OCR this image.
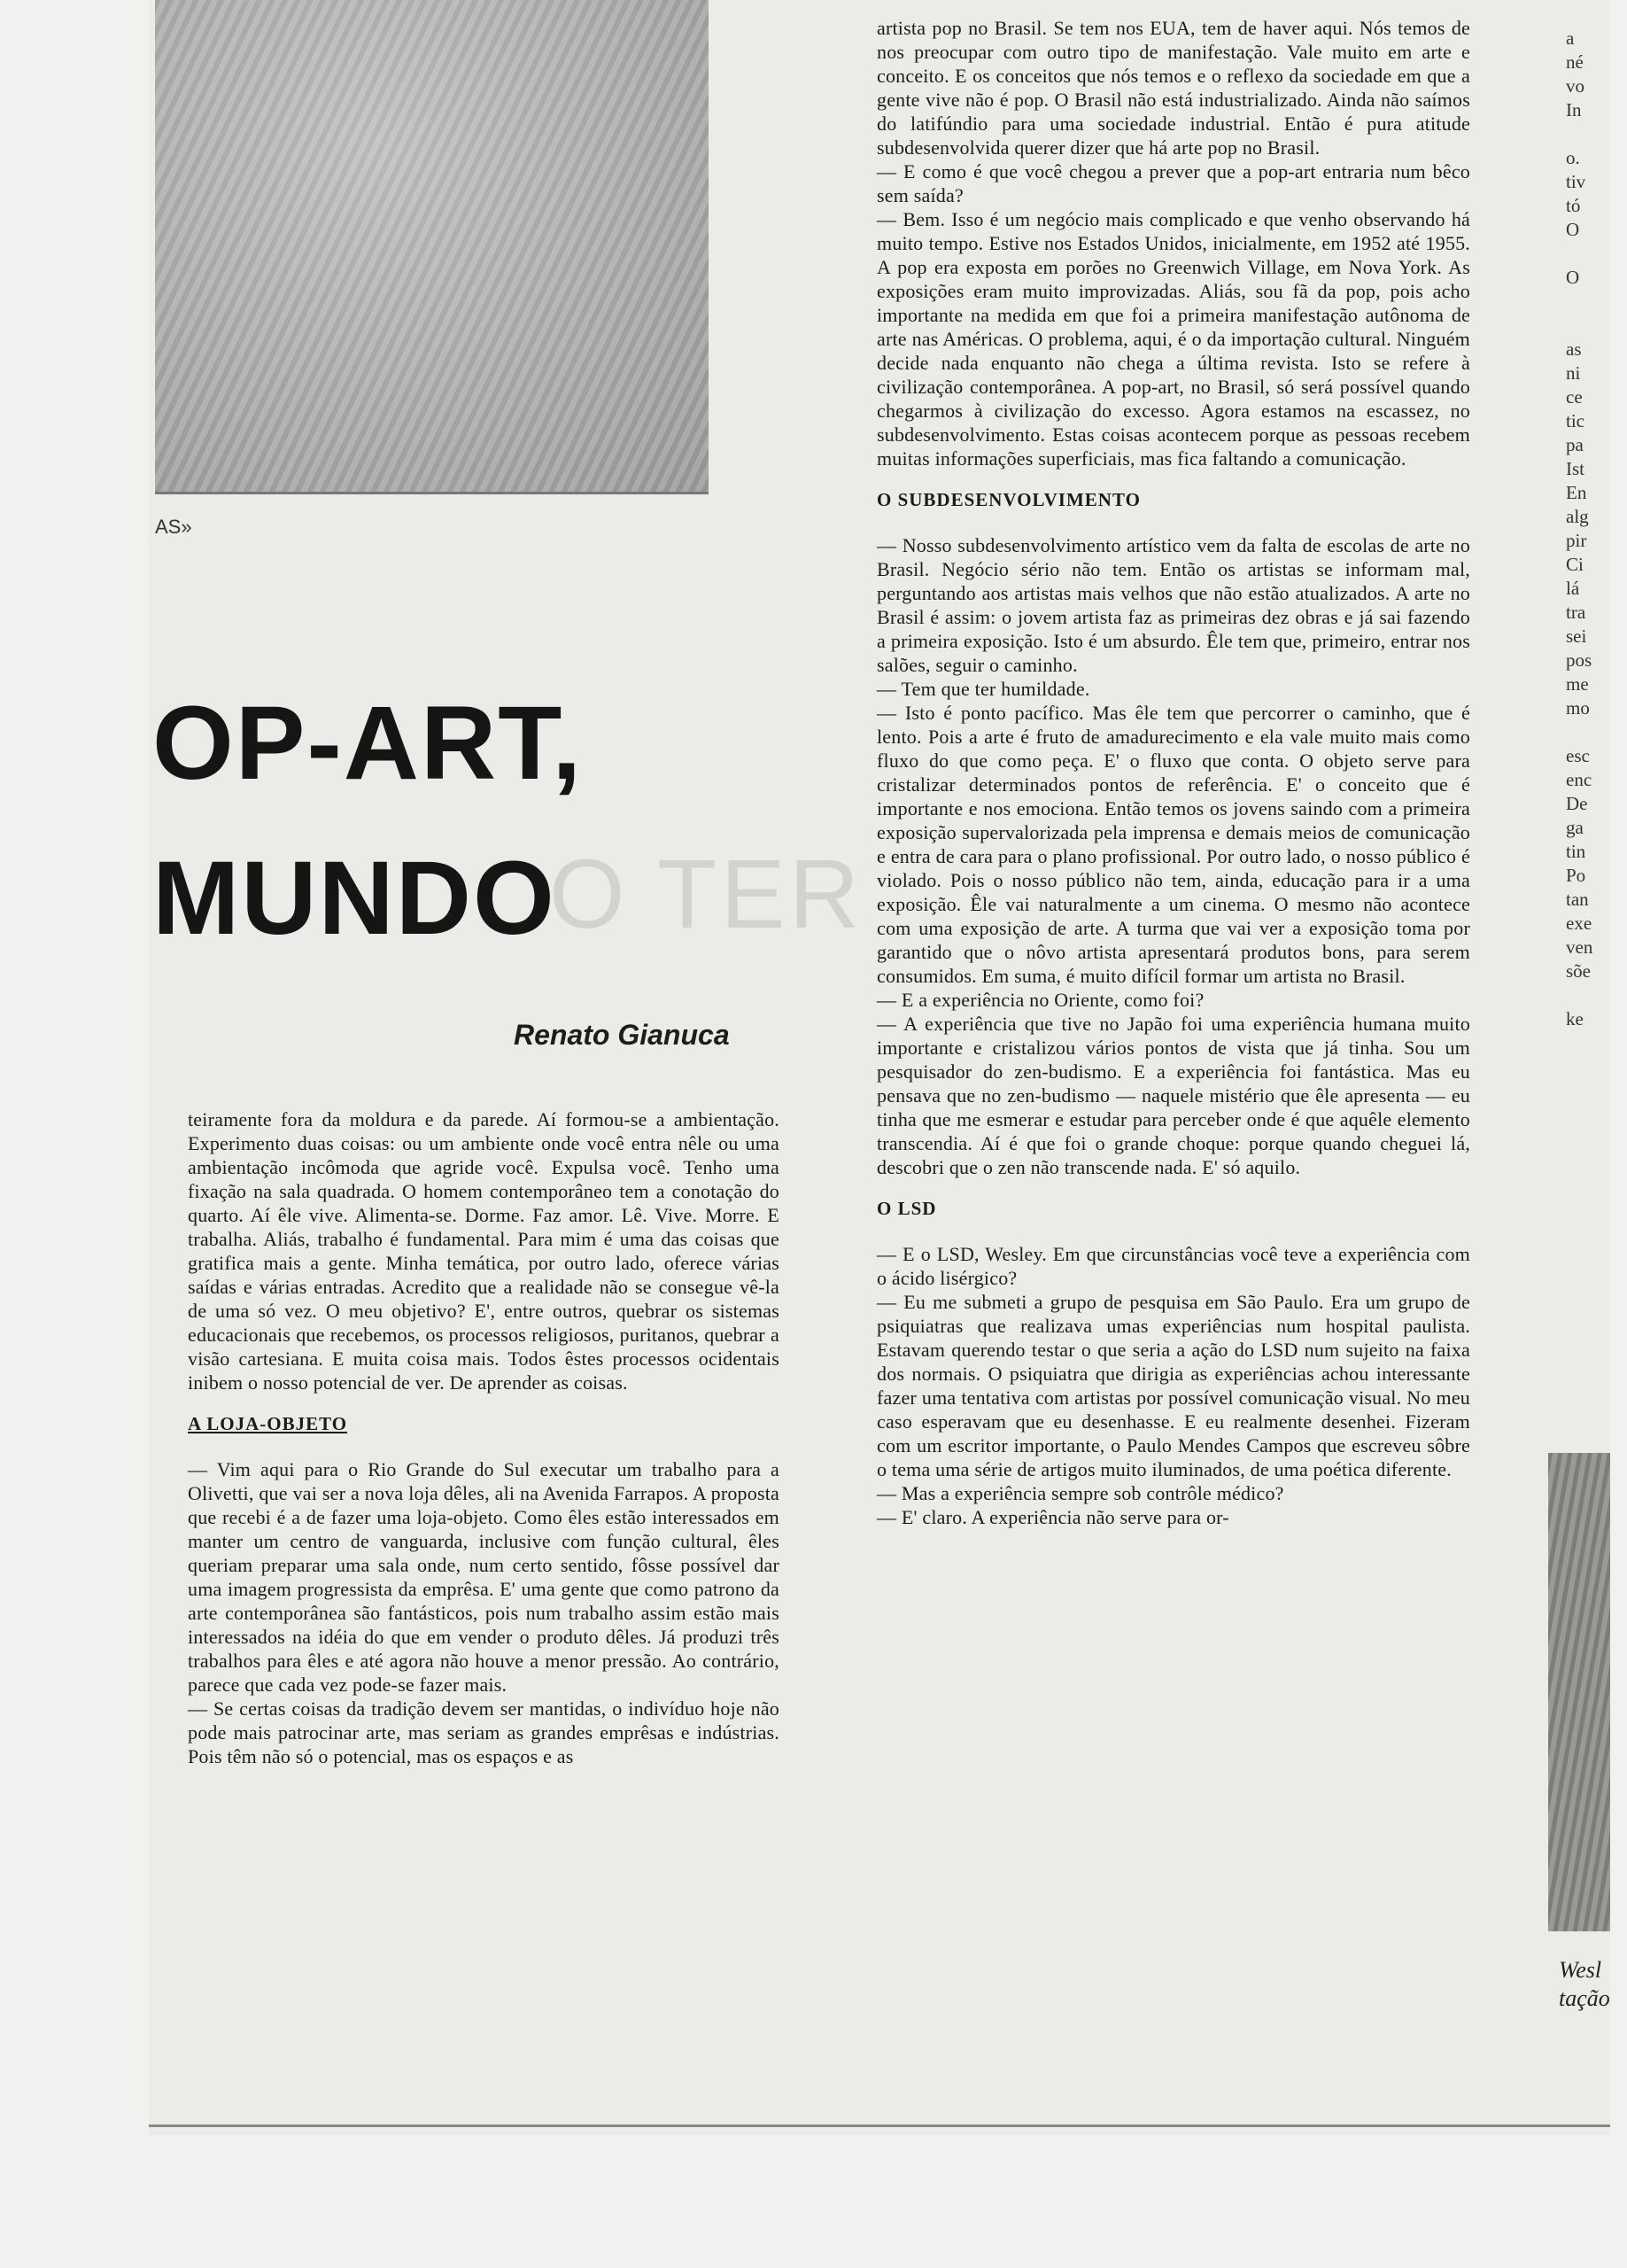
AS»
O TER
OP-ART,
MUNDO
Renato Gianuca

teiramente fora da moldura e da parede. Aí formou-se a ambientação. Experimento duas coisas: ou um ambiente onde você entra nêle ou uma ambientação incômoda que agride você. Expulsa você. Tenho uma fixação na sala quadrada. O homem contemporâneo tem a conotação do quarto. Aí êle vive. Alimenta-se. Dorme. Faz amor. Lê. Vive. Morre. E trabalha. Aliás, trabalho é fundamental. Para mim é uma das coisas que gratifica mais a gente. Minha temática, por outro lado, oferece várias saídas e várias entradas. Acredito que a realidade não se consegue vê-la de uma só vez. O meu objetivo? E', entre outros, quebrar os sistemas educacionais que recebemos, os processos religiosos, puritanos, quebrar a visão cartesiana. E muita coisa mais. Todos êstes processos ocidentais inibem o nosso potencial de ver. De aprender as coisas.

A LOJA-OBJETO

— Vim aqui para o Rio Grande do Sul executar um trabalho para a Olivetti, que vai ser a nova loja dêles, ali na Avenida Farrapos. A proposta que recebi é a de fazer uma loja-objeto. Como êles estão interessados em manter um centro de vanguarda, inclusive com função cultural, êles queriam preparar uma sala onde, num certo sentido, fôsse possível dar uma imagem progressista da emprêsa. E' uma gente que como patrono da arte contemporânea são fantásticos, pois num trabalho assim estão mais interessados na idéia do que em vender o produto dêles. Já produzi três trabalhos para êles e até agora não houve a menor pressão. Ao contrário, parece que cada vez pode-se fazer mais.

— Se certas coisas da tradição devem ser mantidas, o indivíduo hoje não pode mais patrocinar arte, mas seriam as grandes emprêsas e indústrias. Pois têm não só o potencial, mas os espaços e as

artista pop no Brasil. Se tem nos EUA, tem de haver aqui. Nós temos de nos preocupar com outro tipo de manifestação. Vale muito em arte e conceito. E os conceitos que nós temos e o reflexo da sociedade em que a gente vive não é pop. O Brasil não está industrializado. Ainda não saímos do latifúndio para uma sociedade industrial. Então é pura atitude subdesenvolvida querer dizer que há arte pop no Brasil.

— E como é que você chegou a prever que a pop-art entraria num bêco sem saída?

— Bem. Isso é um negócio mais complicado e que venho observando há muito tempo. Estive nos Estados Unidos, inicialmente, em 1952 até 1955. A pop era exposta em porões no Greenwich Village, em Nova York. As exposições eram muito improvizadas. Aliás, sou fã da pop, pois acho importante na medida em que foi a primeira manifestação autônoma de arte nas Américas. O problema, aqui, é o da importação cultural. Ninguém decide nada enquanto não chega a última revista. Isto se refere à civilização contemporânea. A pop-art, no Brasil, só será possível quando chegarmos à civilização do excesso. Agora estamos na escassez, no subdesenvolvimento. Estas coisas acontecem porque as pessoas recebem muitas informações superficiais, mas fica faltando a comunicação.

O SUBDESENVOLVIMENTO

— Nosso subdesenvolvimento artístico vem da falta de escolas de arte no Brasil. Negócio sério não tem. Então os artistas se informam mal, perguntando aos artistas mais velhos que não estão atualizados. A arte no Brasil é assim: o jovem artista faz as primeiras dez obras e já sai fazendo a primeira exposição. Isto é um absurdo. Êle tem que, primeiro, entrar nos salões, seguir o caminho.

— Tem que ter humildade.

— Isto é ponto pacífico. Mas êle tem que percorrer o caminho, que é lento. Pois a arte é fruto de amadurecimento e ela vale muito mais como fluxo do que como peça. E' o fluxo que conta. O objeto serve para cristalizar determinados pontos de referência. E' o conceito que é importante e nos emociona. Então temos os jovens saindo com a primeira exposição supervalorizada pela imprensa e demais meios de comunicação e entra de cara para o plano profissional. Por outro lado, o nosso público é violado. Pois o nosso público não tem, ainda, educação para ir a uma exposição. Êle vai naturalmente a um cinema. O mesmo não acontece com uma exposição de arte. A turma que vai ver a exposição toma por garantido que o nôvo artista apresentará produtos bons, para serem consumidos. Em suma, é muito difícil formar um artista no Brasil.

— E a experiência no Oriente, como foi?

— A experiência que tive no Japão foi uma experiência humana muito importante e cristalizou vários pontos de vista que já tinha. Sou um pesquisador do zen-budismo. E a experiência foi fantástica. Mas eu pensava que no zen-budismo — naquele mistério que êle apresenta — eu tinha que me esmerar e estudar para perceber onde é que aquêle elemento transcendia. Aí é que foi o grande choque: porque quando cheguei lá, descobri que o zen não transcende nada. E' só aquilo.

O LSD

— E o LSD, Wesley. Em que circunstâncias você teve a experiência com o ácido lisérgico?

— Eu me submeti a grupo de pesquisa em São Paulo. Era um grupo de psiquiatras que realizava umas experiências num hospital paulista. Estavam querendo testar o que seria a ação do LSD num sujeito na faixa dos normais. O psiquiatra que dirigia as experiências achou interessante fazer uma tentativa com artistas por possível comunicação visual. No meu caso esperavam que eu desenhasse. E eu realmente desenhei. Fizeram com um escritor importante, o Paulo Mendes Campos que escreveu sôbre o tema uma série de artigos muito iluminados, de uma poética diferente.

— Mas a experiência sempre sob contrôle médico?

— E' claro. A experiência não serve para or-

a
né
vo
In

o.
tiv
tó
O

O

as
ni
ce
tic
pa
Ist
En
alg
pir
Ci
lá
tra
sei
pos
me
mo

esc
enc
De
ga
tin
Po
tan
exe
ven
sõe

ke
Wesl
tação
